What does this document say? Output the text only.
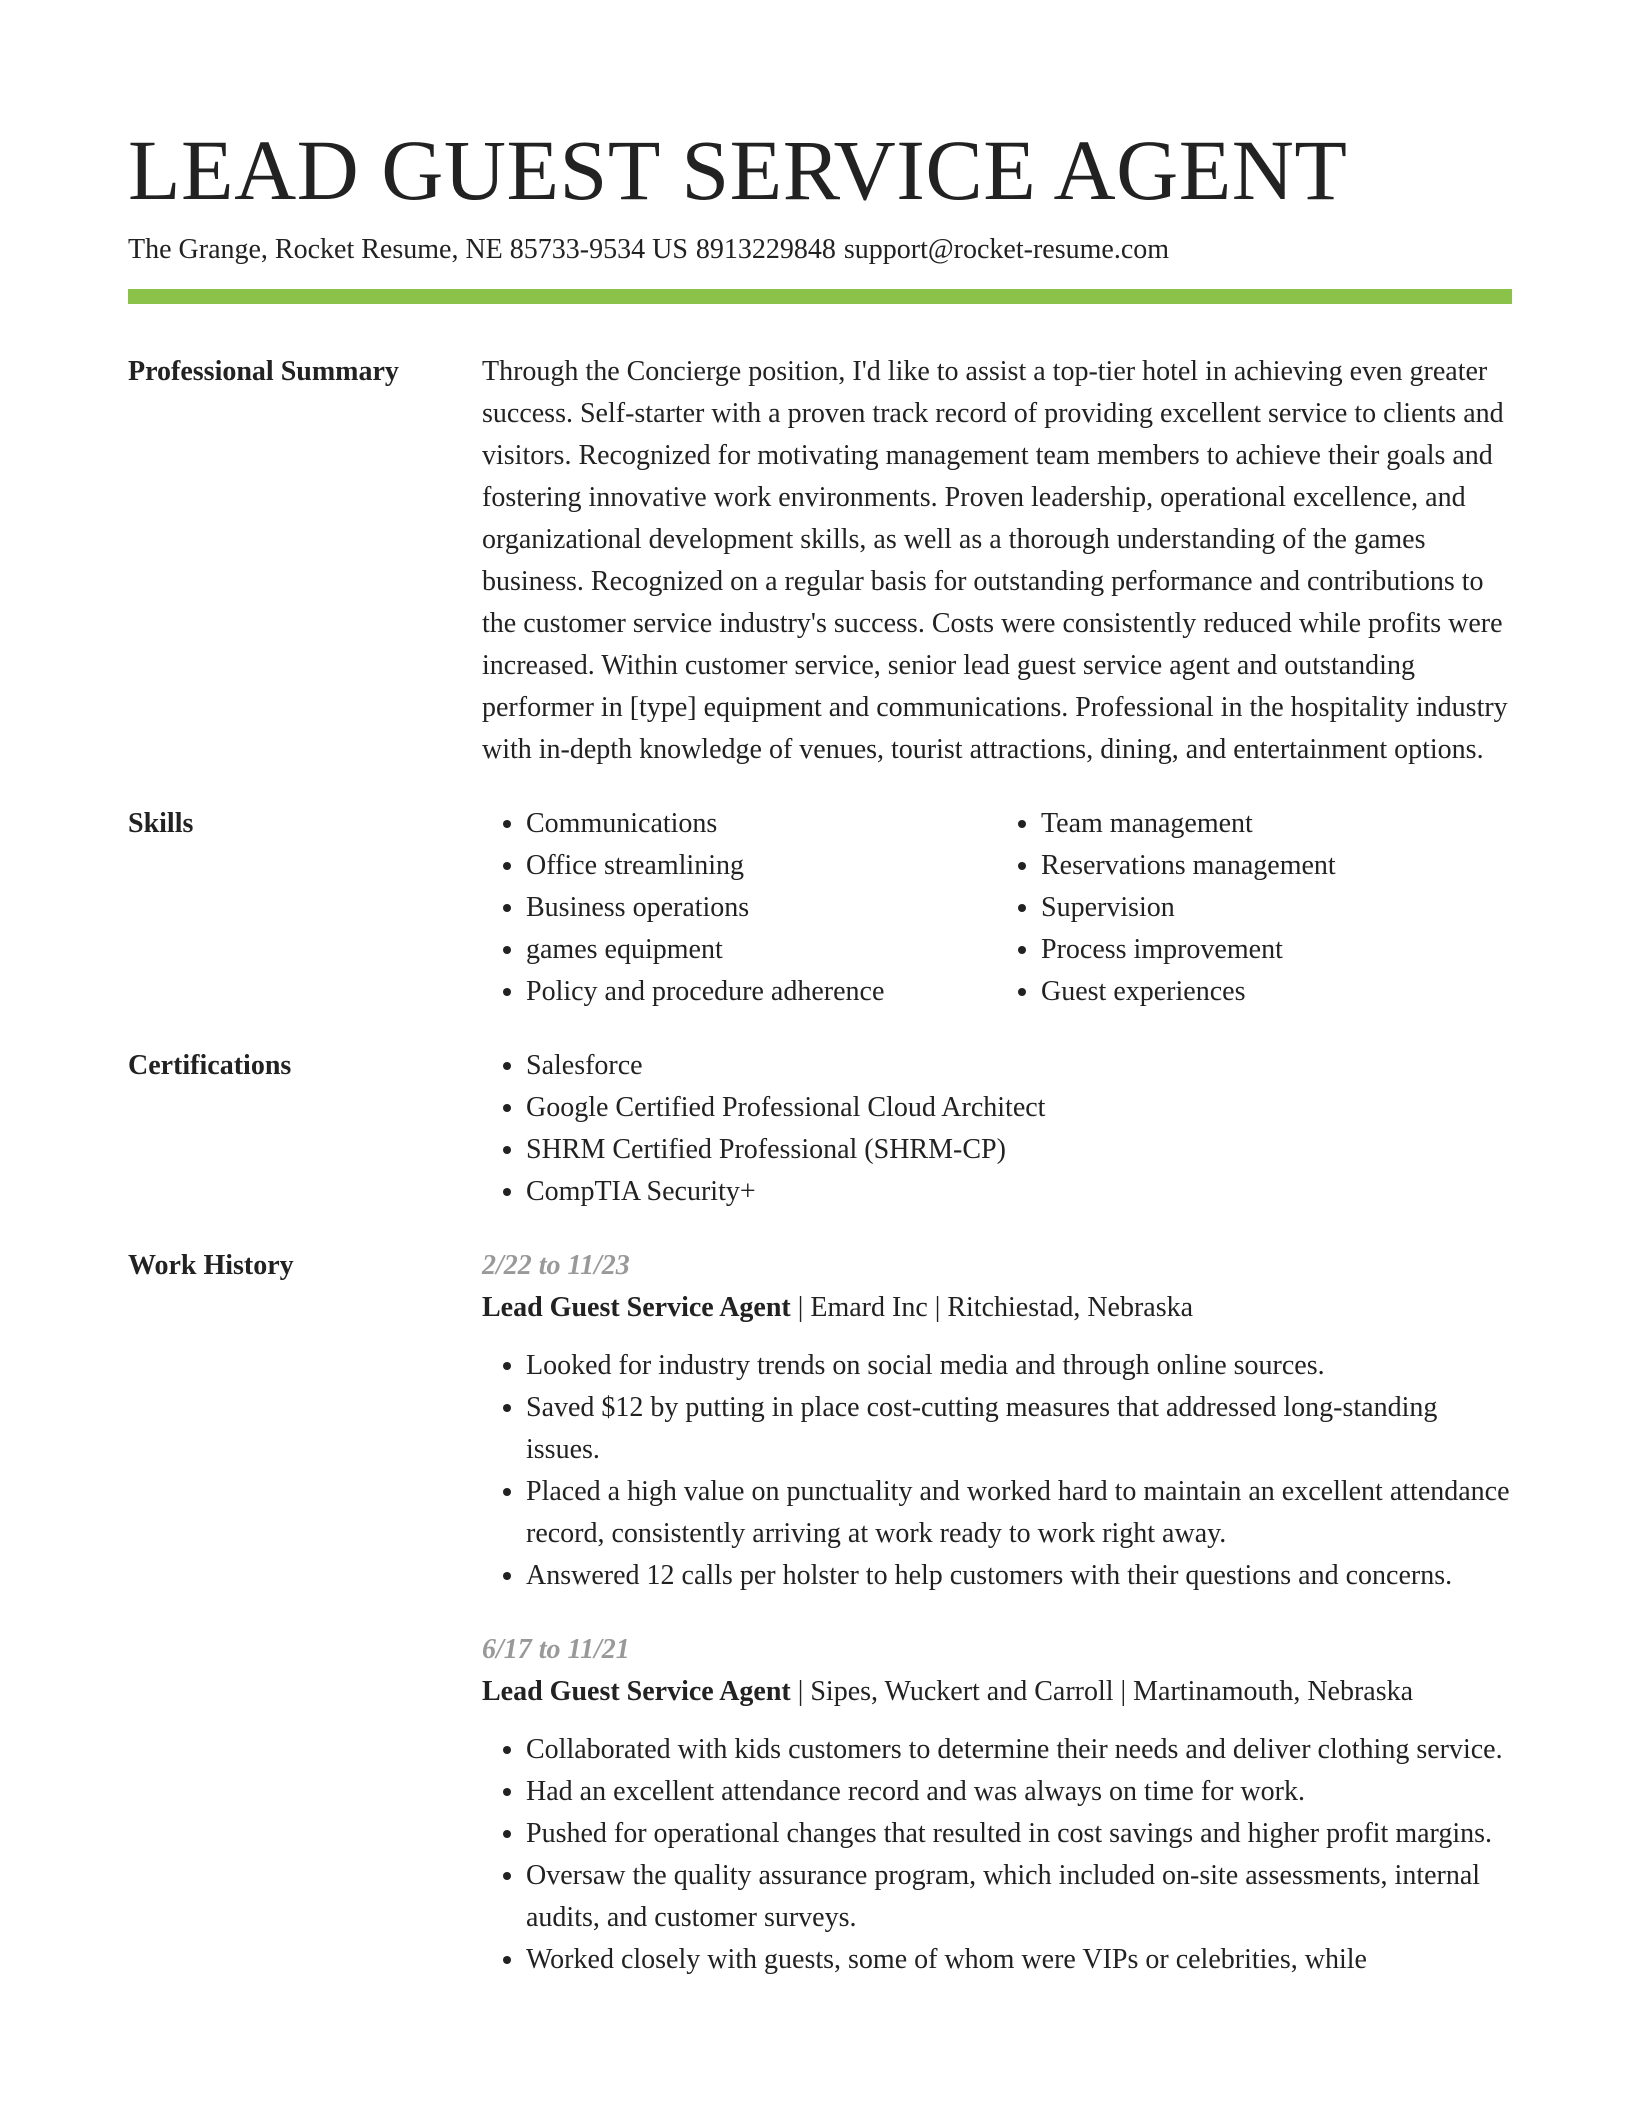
LEAD GUEST SERVICE AGENT
The Grange, Rocket Resume, NE 85733-9534 US 8913229848 support@rocket-resume.com
Professional Summary	Through the Concierge position, I'd like to assist a top-tier hotel in achieving even greater success. Self-starter with a proven track record of providing excellent service to clients and visitors. Recognized for motivating management team members to achieve their goals and fostering innovative work environments. Proven leadership, operational excellence, and organizational development skills, as well as a thorough understanding of the games business. Recognized on a regular basis for outstanding performance and contributions to the customer service industry's success. Costs were consistently reduced while profits were increased. Within customer service, senior lead guest service agent and outstanding performer in [type] equipment and communications. Professional in the hospitality industry with in-depth knowledge of venues, tourist attractions, dining, and entertainment options.

Skills	• Communications
• Office streamlining
• Business operations
• games equipment
• Policy and procedure adherence
• Team management
• Reservations management
• Supervision
• Process improvement
• Guest experiences
Certifications	• Salesforce
• Google Certified Professional Cloud Architect
• SHRM Certified Professional (SHRM-CP)
• CompTIA Security+
Work History	2/22 to 11/23
Lead Guest Service Agent | Emard Inc | Ritchiestad, Nebraska
• Looked for industry trends on social media and through online sources.
• Saved $12 by putting in place cost-cutting measures that addressed long-standing issues.
• Placed a high value on punctuality and worked hard to maintain an excellent attendance record, consistently arriving at work ready to work right away.
• Answered 12 calls per holster to help customers with their questions and concerns.
6/17 to 11/21
Lead Guest Service Agent | Sipes, Wuckert and Carroll | Martinamouth, Nebraska
• Collaborated with kids customers to determine their needs and deliver clothing service.
• Had an excellent attendance record and was always on time for work.
• Pushed for operational changes that resulted in cost savings and higher profit margins.
• Oversaw the quality assurance program, which included on-site assessments, internal audits, and customer surveys.
• Worked closely with guests, some of whom were VIPs or celebrities, while
